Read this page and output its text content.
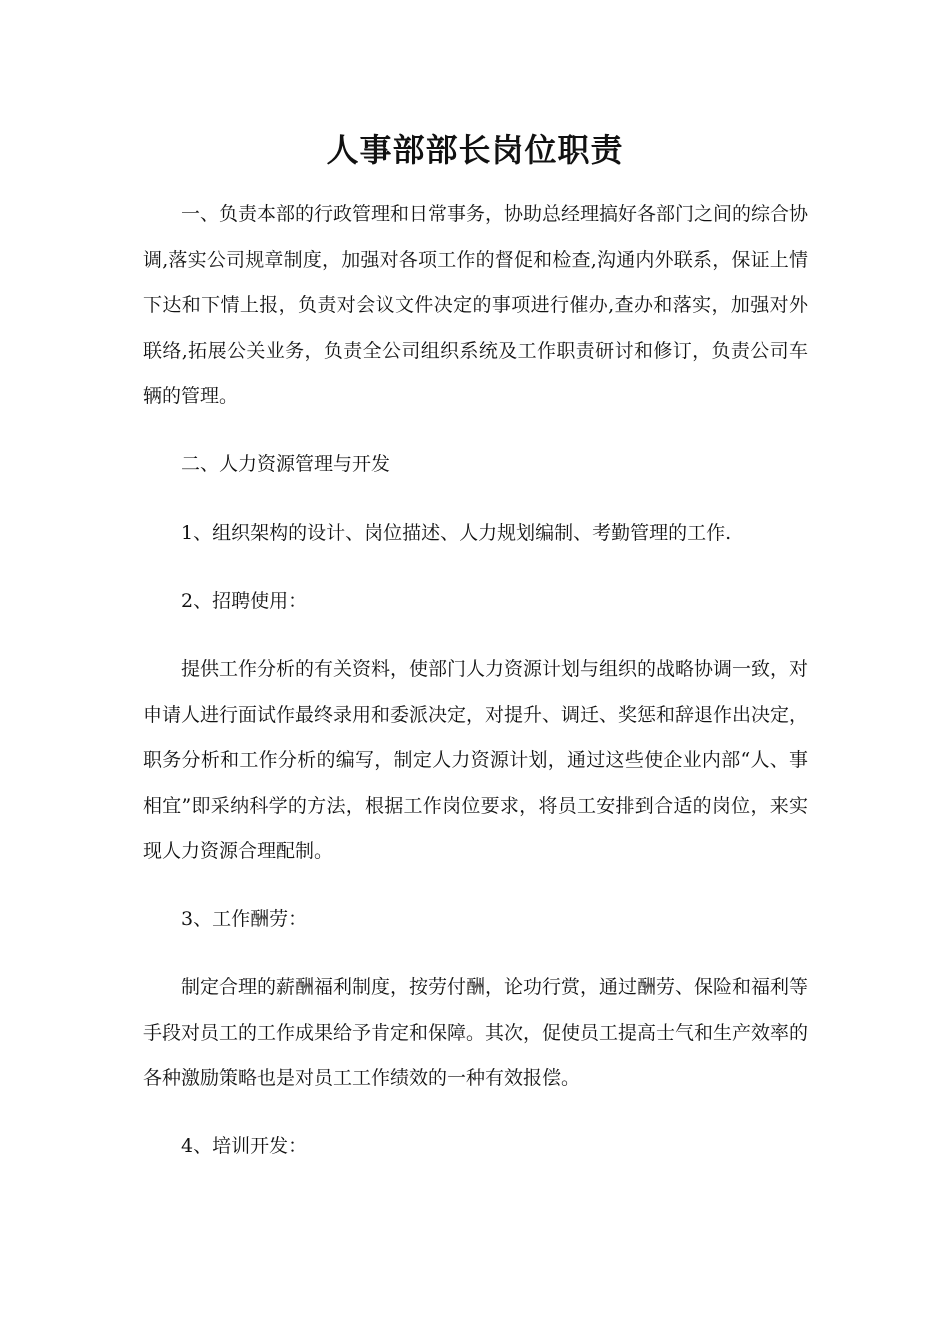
人事部部长岗位职责

一、负责本部的行政管理和日常事务，协助总经理搞好各部门之间的综合协调,落实公司规章制度，加强对各项工作的督促和检查,沟通内外联系，保证上情下达和下情上报，负责对会议文件决定的事项进行催办,查办和落实，加强对外联络,拓展公关业务，负责全公司组织系统及工作职责研讨和修订，负责公司车辆的管理。

二、人力资源管理与开发

1、组织架构的设计、岗位描述、人力规划编制、考勤管理的工作.

2、招聘使用：

提供工作分析的有关资料，使部门人力资源计划与组织的战略协调一致，对申请人进行面试作最终录用和委派决定，对提升、调迁、奖惩和辞退作出决定，职务分析和工作分析的编写，制定人力资源计划，通过这些使企业内部“人、事相宜”即采纳科学的方法，根据工作岗位要求，将员工安排到合适的岗位，来实现人力资源合理配制。

3、工作酬劳：

制定合理的薪酬福利制度，按劳付酬，论功行赏，通过酬劳、保险和福利等手段对员工的工作成果给予肯定和保障。其次，促使员工提高士气和生产效率的各种激励策略也是对员工工作绩效的一种有效报偿。

4、培训开发：
